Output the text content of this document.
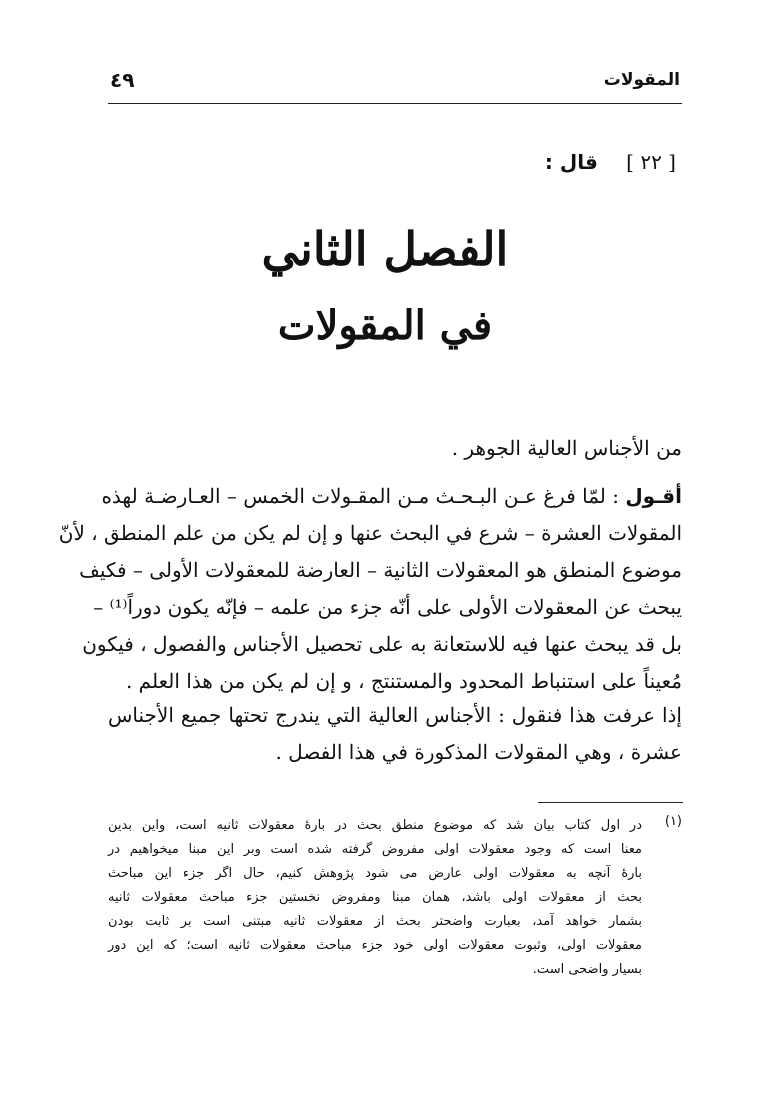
المقولات
٤٩
[ ٢٢ ] قال :
الفصل الثاني
في المقولات
من الأجناس العالية الجوهر .
أقـول : لمّا فرغ عـن البـحـث مـن المقـولات الخمس – العـارضـة لهذه
المقولات العشرة – شرع في البحث عنها و إن لم يكن من علم المنطق ، لأنّ
موضوع المنطق هو المعقولات الثانية – العارضة للمعقولات الأولى – فكيف
يبحث عن المعقولات الأولى على أنّه جزء من علمه – فإنّه يكون دوراً⁽¹⁾ –
بل قد يبحث عنها فيه للاستعانة به على تحصيل الأجناس والفصول ، فيكون
مُعيناً على استنباط المحدود والمستنتج ، و إن لم يكن من هذا العلم .
إذا عرفت هذا فنقول : الأجناس العالية التي يندرج تحتها جميع الأجناس
عشرة ، وهي المقولات المذكورة في هذا الفصل .
(١)
در اول كتاب بيان شد كه موضوع منطق بحث در بارهٔ معقولات ثانيه است، واين بدين
معنا است كه وجود معقولات اولى مفروض گرفته شده است وبر اين مبنا ميخواهيم در
بارهٔ آنچه به معقولات اولى عارض مى شود پژوهش كنيم، حال اگر جزء اين مباحث
بحث از معقولات اولى باشد، همان مبنا ومفروض نخستين جزء مباحث معقولات ثانيه
بشمار خواهد آمد، بعبارت واضحتر بحث از معقولات ثانيه مبتنى است بر ثابت بودن
معقولات اولى، وثبوت معقولات اولى خود جزء مباحث معقولات ثانيه است؛ كه اين دور
بسيار واضحى است.
